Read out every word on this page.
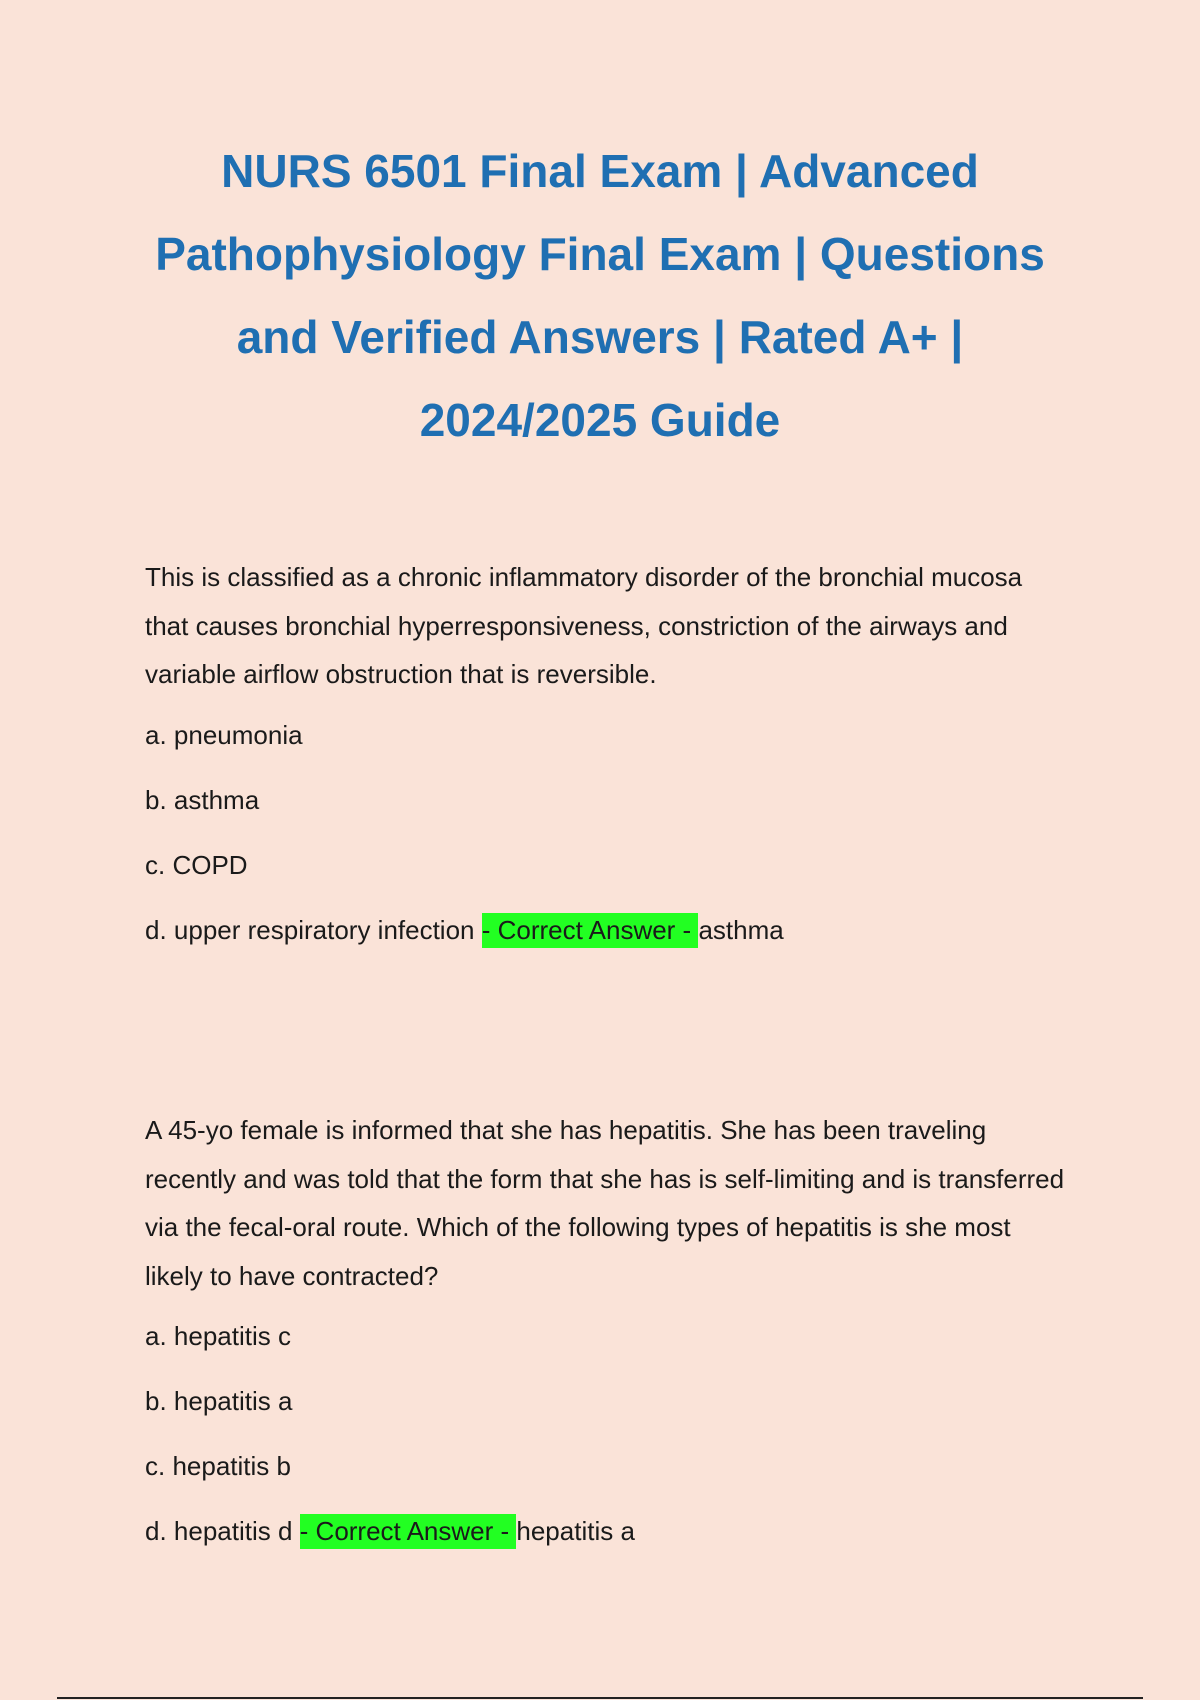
NURS 6501 Final Exam | Advanced Pathophysiology Final Exam | Questions and Verified Answers | Rated A+ | 2024/2025 Guide

This is classified as a chronic inflammatory disorder of the bronchial mucosa that causes bronchial hyperresponsiveness, constriction of the airways and variable airflow obstruction that is reversible.

a. pneumonia
b. asthma
c. COPD
d. upper respiratory infection - Correct Answer - asthma

A 45-yo female is informed that she has hepatitis. She has been traveling recently and was told that the form that she has is self-limiting and is transferred via the fecal-oral route. Which of the following types of hepatitis is she most likely to have contracted?

a. hepatitis c
b. hepatitis a
c. hepatitis b
d. hepatitis d - Correct Answer - hepatitis a
